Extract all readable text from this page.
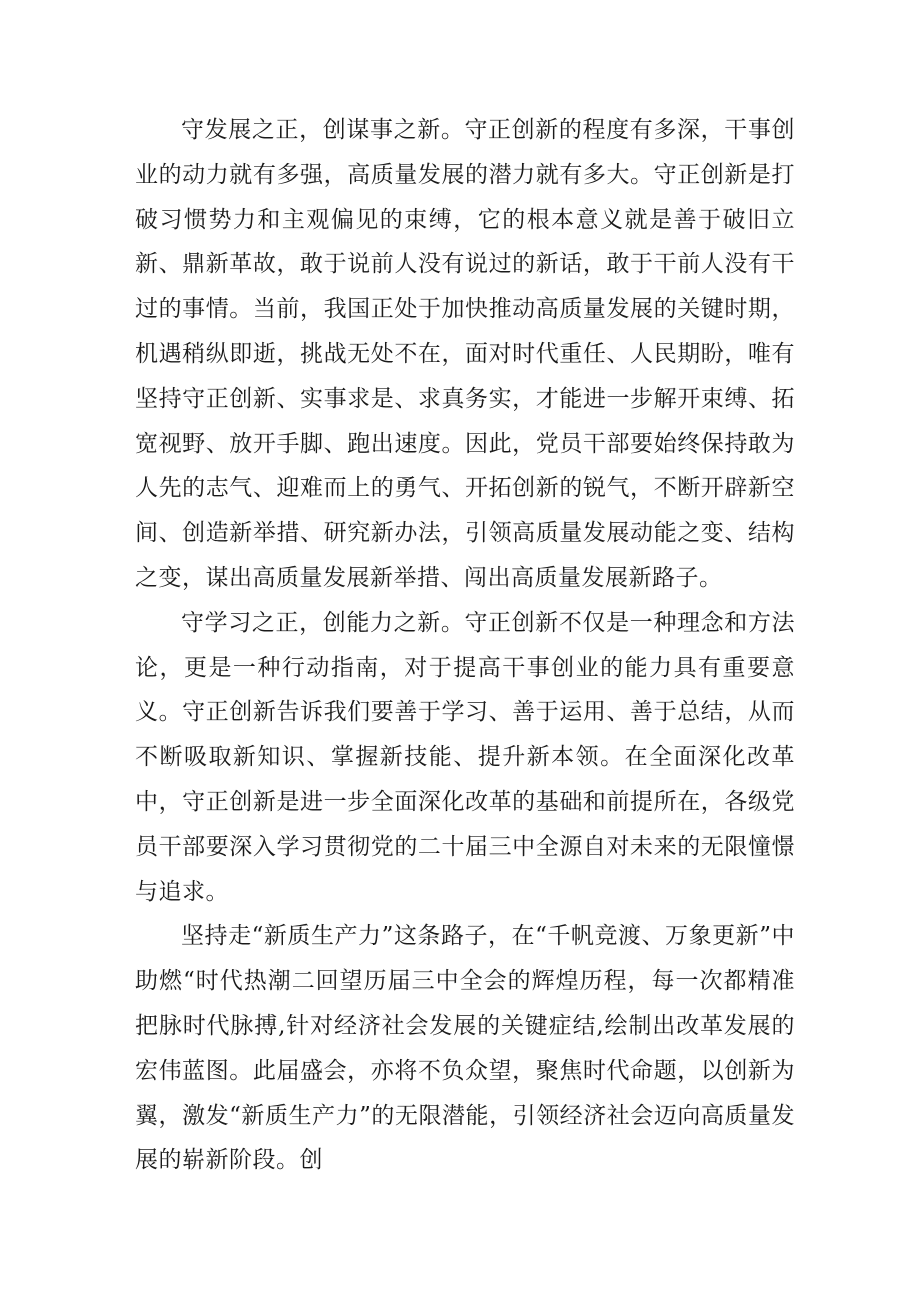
守发展之正，创谋事之新。守正创新的程度有多深，干事创业的动力就有多强，高质量发展的潜力就有多大。守正创新是打破习惯势力和主观偏见的束缚，它的根本意义就是善于破旧立新、鼎新革故，敢于说前人没有说过的新话，敢于干前人没有干过的事情。当前，我国正处于加快推动高质量发展的关键时期，机遇稍纵即逝，挑战无处不在，面对时代重任、人民期盼，唯有坚持守正创新、实事求是、求真务实，才能进一步解开束缚、拓宽视野、放开手脚、跑出速度。因此，党员干部要始终保持敢为人先的志气、迎难而上的勇气、开拓创新的锐气，不断开辟新空间、创造新举措、研究新办法，引领高质量发展动能之变、结构之变，谋出高质量发展新举措、闯出高质量发展新路子。

守学习之正，创能力之新。守正创新不仅是一种理念和方法论，更是一种行动指南，对于提高干事创业的能力具有重要意义。守正创新告诉我们要善于学习、善于运用、善于总结，从而不断吸取新知识、掌握新技能、提升新本领。在全面深化改革中，守正创新是进一步全面深化改革的基础和前提所在，各级党员干部要深入学习贯彻党的二十届三中全源自对未来的无限憧憬与追求。

坚持走“新质生产力”这条路子，在“千帆竞渡、万象更新”中助燃“时代热潮二回望历届三中全会的辉煌历程，每一次都精准把脉时代脉搏,针对经济社会发展的关键症结,绘制出改革发展的宏伟蓝图。此届盛会，亦将不负众望，聚焦时代命题，以创新为翼，激发“新质生产力”的无限潜能，引领经济社会迈向高质量发展的崭新阶段。创
